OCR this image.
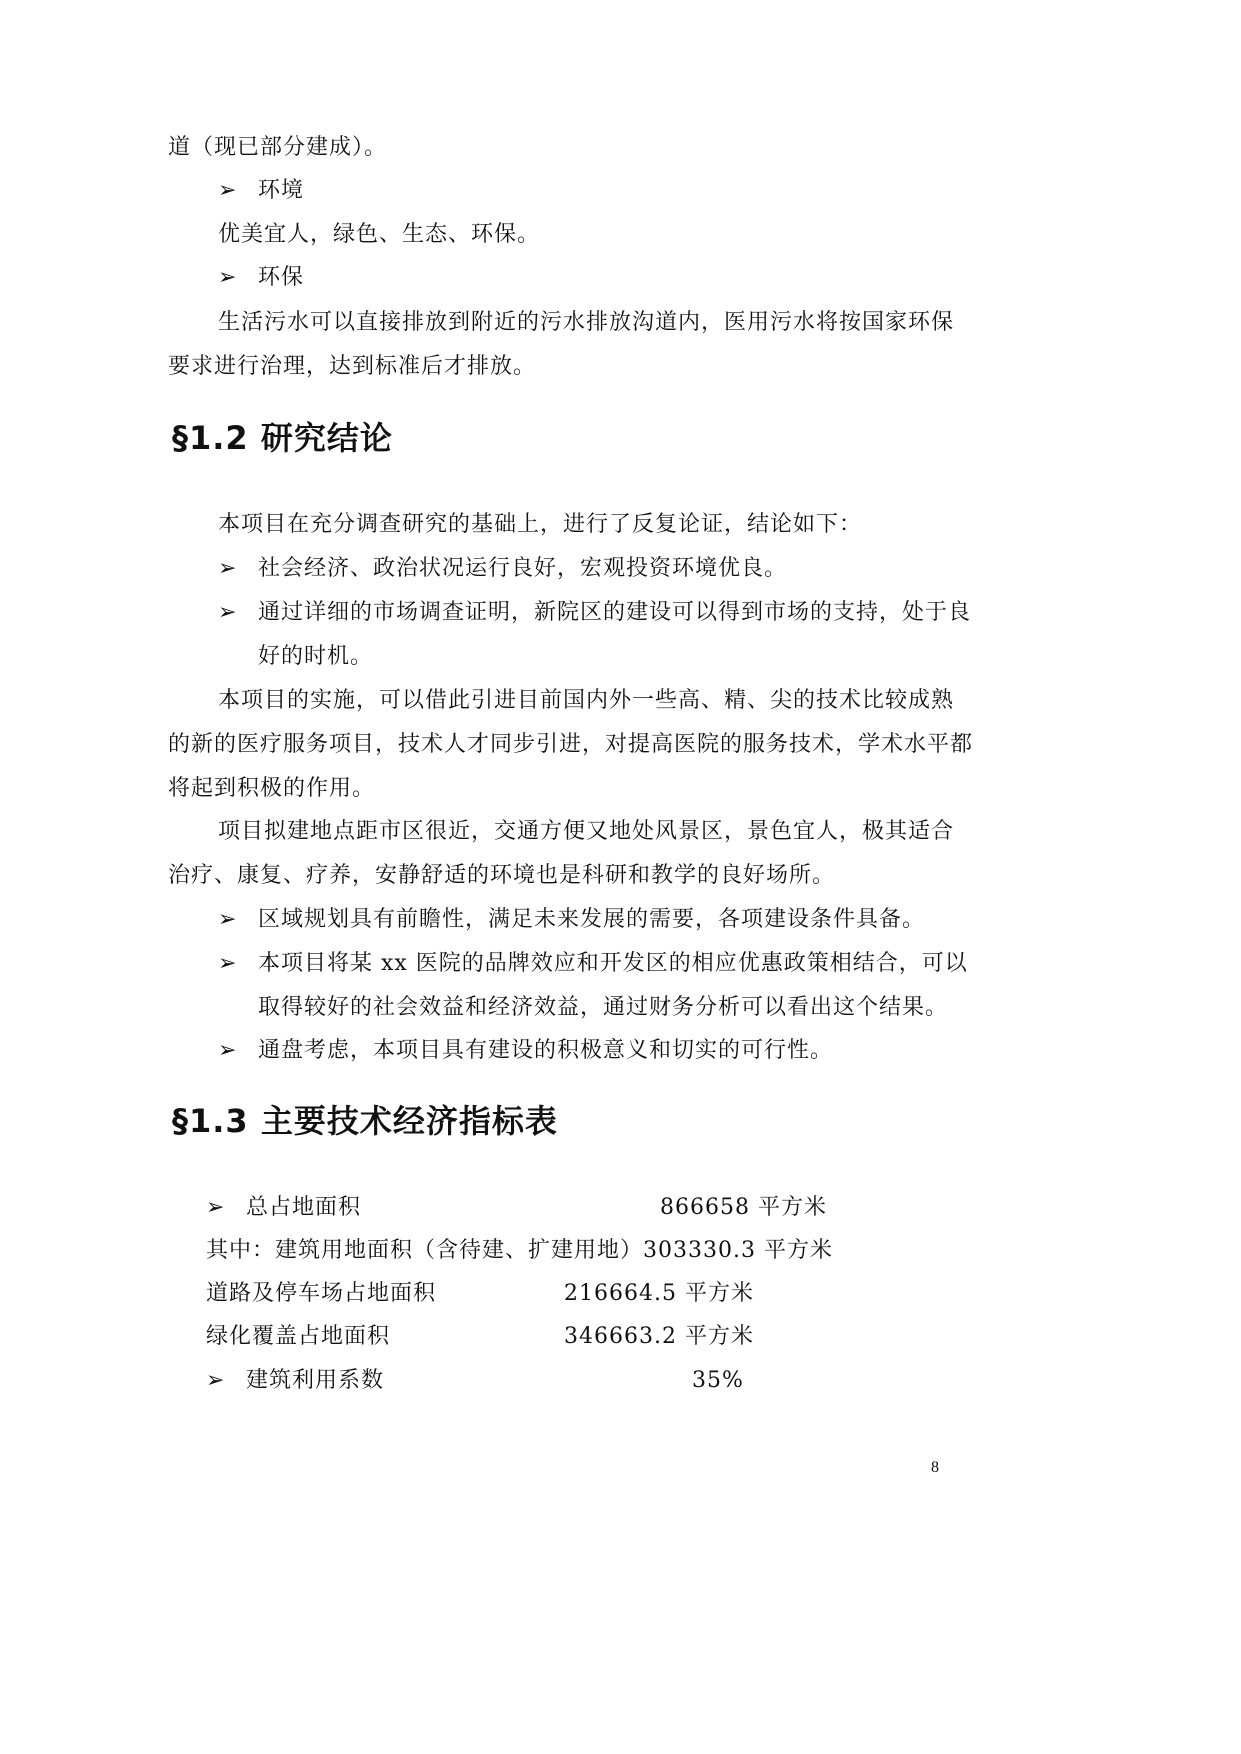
道（现已部分建成）。
➢ 环境
优美宜人，绿色、生态、环保。
➢ 环保
生活污水可以直接排放到附近的污水排放沟道内，医用污水将按国家环保
要求进行治理，达到标准后才排放。
§1.2 研究结论
本项目在充分调查研究的基础上，进行了反复论证，结论如下：
➢ 社会经济、政治状况运行良好，宏观投资环境优良。
➢ 通过详细的市场调查证明，新院区的建设可以得到市场的支持，处于良
好的时机。
本项目的实施，可以借此引进目前国内外一些高、精、尖的技术比较成熟
的新的医疗服务项目，技术人才同步引进，对提高医院的服务技术，学术水平都
将起到积极的作用。
项目拟建地点距市区很近，交通方便又地处风景区，景色宜人，极其适合
治疗、康复、疗养，安静舒适的环境也是科研和教学的良好场所。
➢ 区域规划具有前瞻性，满足未来发展的需要，各项建设条件具备。
➢ 本项目将某 xx 医院的品牌效应和开发区的相应优惠政策相结合，可以
取得较好的社会效益和经济效益，通过财务分析可以看出这个结果。
➢ 通盘考虑，本项目具有建设的积极意义和切实的可行性。
§1.3 主要技术经济指标表
➢ 总占地面积	866658 平方米
其中：建筑用地面积（含待建、扩建用地）303330.3 平方米
道路及停车场占地面积	216664.5 平方米
绿化覆盖占地面积	346663.2 平方米
➢ 建筑利用系数	35%
8
